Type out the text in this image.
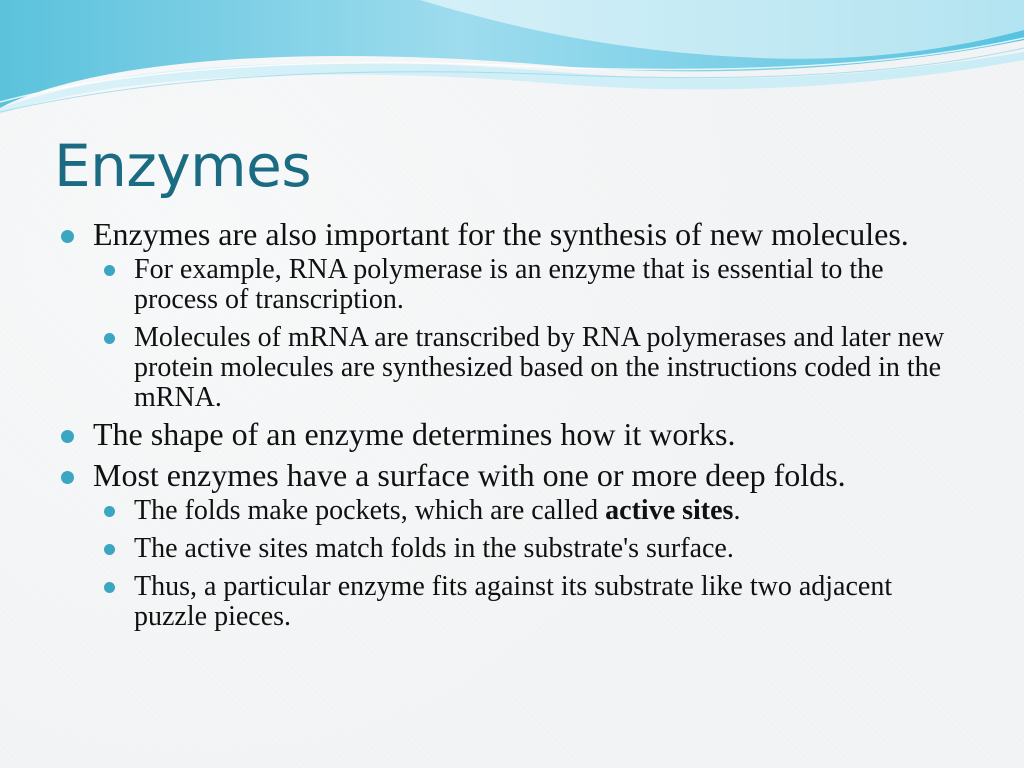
Enzymes
Enzymes are also important for the synthesis of new molecules.
For example, RNA polymerase is an enzyme that is essential to the process of transcription.
Molecules of mRNA are transcribed by RNA polymerases and later new protein molecules are synthesized based on the instructions coded in the mRNA.
The shape of an enzyme determines how it works.
Most enzymes have a surface with one or more deep folds.
The folds make pockets, which are called active sites.
The active sites match folds in the substrate's surface.
Thus, a particular enzyme fits against its substrate like two adjacent puzzle pieces.
